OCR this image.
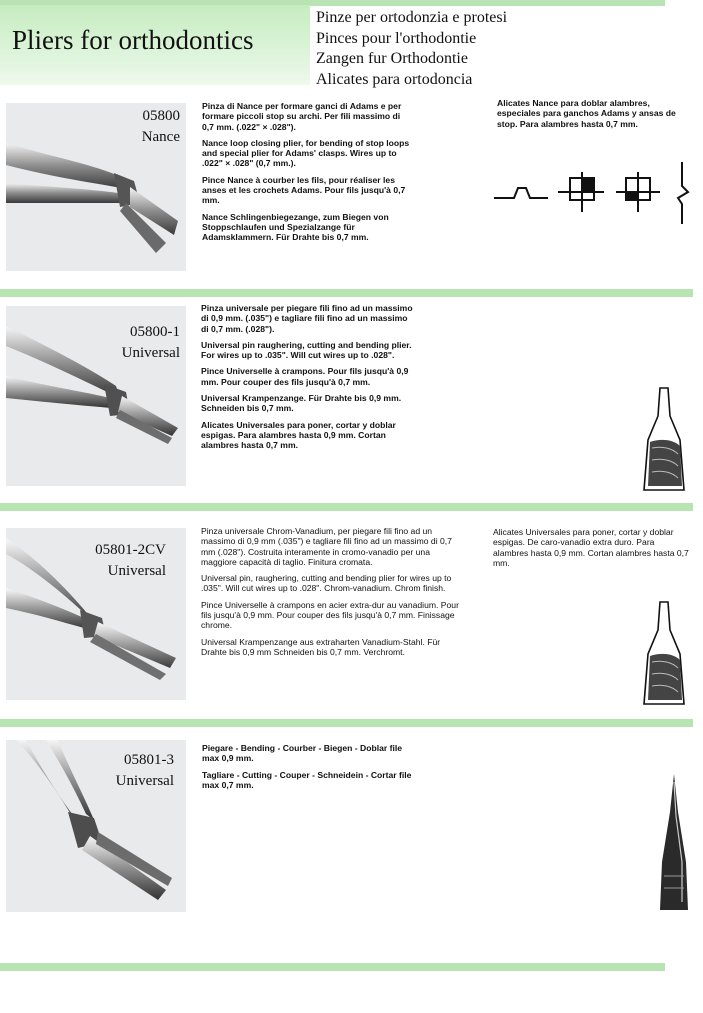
Pliers for orthodontics
Pinze per ortodonzia e protesi
Pinces pour l'orthodontie
Zangen fur Orthodontie
Alicates para ortodoncia
05800
Nance

Pinza di Nance per formare ganci di Adams e per formare piccoli stop su archi. Per fili massimo di 0,7 mm. (.022" × .028").

Nance loop closing plier, for bending of stop loops and special plier for Adams' clasps. Wires up to .022" × .028" (0,7 mm.).

Pince Nance à courber les fils, pour réaliser les anses et les crochets Adams. Pour fils jusqu'à 0,7 mm.

Nance Schlingenbiegezange, zum Biegen von Stoppschlaufen und Spezialzange für Adamsklammern. Für Drahte bis 0,7 mm.

Alicates Nance para doblar alambres, especiales para ganchos Adams y ansas de stop. Para alambres hasta 0,7 mm.

05800-1
Universal

Pinza universale per piegare fili fino ad un massimo di 0,9 mm. (.035") e tagliare fili fino ad un massimo di 0,7 mm. (.028").

Universal pin raughering, cutting and bending plier. For wires up to .035". Will cut wires up to .028".

Pince Universelle à crampons. Pour fils jusqu'à 0,9 mm. Pour couper des fils jusqu'à 0,7 mm.

Universal Krampenzange. Für Drahte bis 0,9 mm. Schneiden bis 0,7 mm.

Alicates Universales para poner, cortar y doblar espigas. Para alambres hasta 0,9 mm. Cortan alambres hasta 0,7 mm.

05801-2CV
Universal

Pinza universale Chrom-Vanadium, per piegare fili fino ad un massimo di 0,9 mm (.035") e tagliare fili fino ad un massimo di 0,7 mm (.028"). Costruita interamente in cromo-vanadio per una maggiore capacità di taglio. Finitura cromata.

Universal pin, raughering, cutting and bending plier for wires up to .035". Will cut wires up to .028". Chrom-vanadium. Chrom finish.

Pince Universelle à crampons en acier extra-dur au vanadium. Pour fils jusqu'à 0,9 mm. Pour couper des fils jusqu'à 0,7 mm. Finissage chrome.

Universal Krampenzange aus extraharten Vanadium-Stahl. Für Drahte bis 0,9 mm Schneiden bis 0,7 mm. Verchromt.

Alicates Universales para poner, cortar y doblar espigas. De caro-vanadio extra duro. Para alambres hasta 0,9 mm. Cortan alambres hasta 0,7 mm.

05801-3
Universal

Piegare - Bending - Courber - Biegen - Doblar file max 0,9 mm.

Tagliare - Cutting - Couper - Schneidein - Cortar file max 0,7 mm.
